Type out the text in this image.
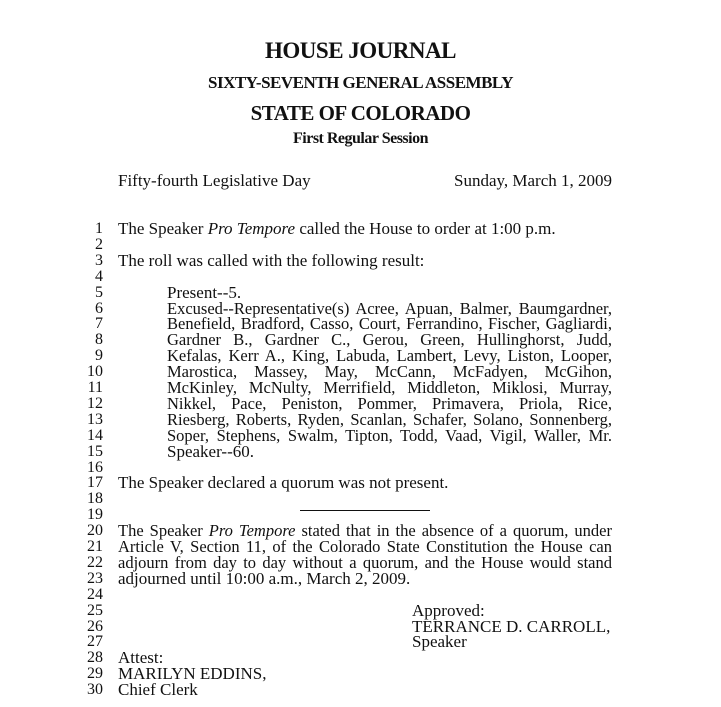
HOUSE JOURNAL
SIXTY-SEVENTH GENERAL ASSEMBLY
STATE OF COLORADO
First Regular Session
Fifty-fourth Legislative Day	Sunday, March 1, 2009
1
2
3
4
5
6
7
8
9
10
11
12
13
14
15
16
17
18
19
20
21
22
23
24
25
26
27
28
29
30
The Speaker Pro Tempore called the House to order at 1:00 p.m.
The roll was called with the following result:
Present--5.
Excused--Representative(s) Acree, Apuan, Balmer, Baumgardner,
Benefield, Bradford, Casso, Court, Ferrandino, Fischer, Gagliardi,
Gardner B., Gardner C., Gerou, Green, Hullinghorst, Judd,
Kefalas, Kerr A., King, Labuda, Lambert, Levy, Liston, Looper,
Marostica, Massey, May, McCann, McFadyen, McGihon,
McKinley, McNulty, Merrifield, Middleton, Miklosi, Murray,
Nikkel, Pace, Peniston, Pommer, Primavera, Priola, Rice,
Riesberg, Roberts, Ryden, Scanlan, Schafer, Solano, Sonnenberg,
Soper, Stephens, Swalm, Tipton, Todd, Vaad, Vigil, Waller, Mr.
Speaker--60.
The Speaker declared a quorum was not present.
The Speaker Pro Tempore stated that in the absence of a quorum, under
Article V, Section 11, of the Colorado State Constitution the House can
adjourn from day to day without a quorum, and the House would stand
adjourned until 10:00 a.m., March 2, 2009.
Approved:
TERRANCE D. CARROLL,
Speaker
Attest:
MARILYN EDDINS,
Chief Clerk
